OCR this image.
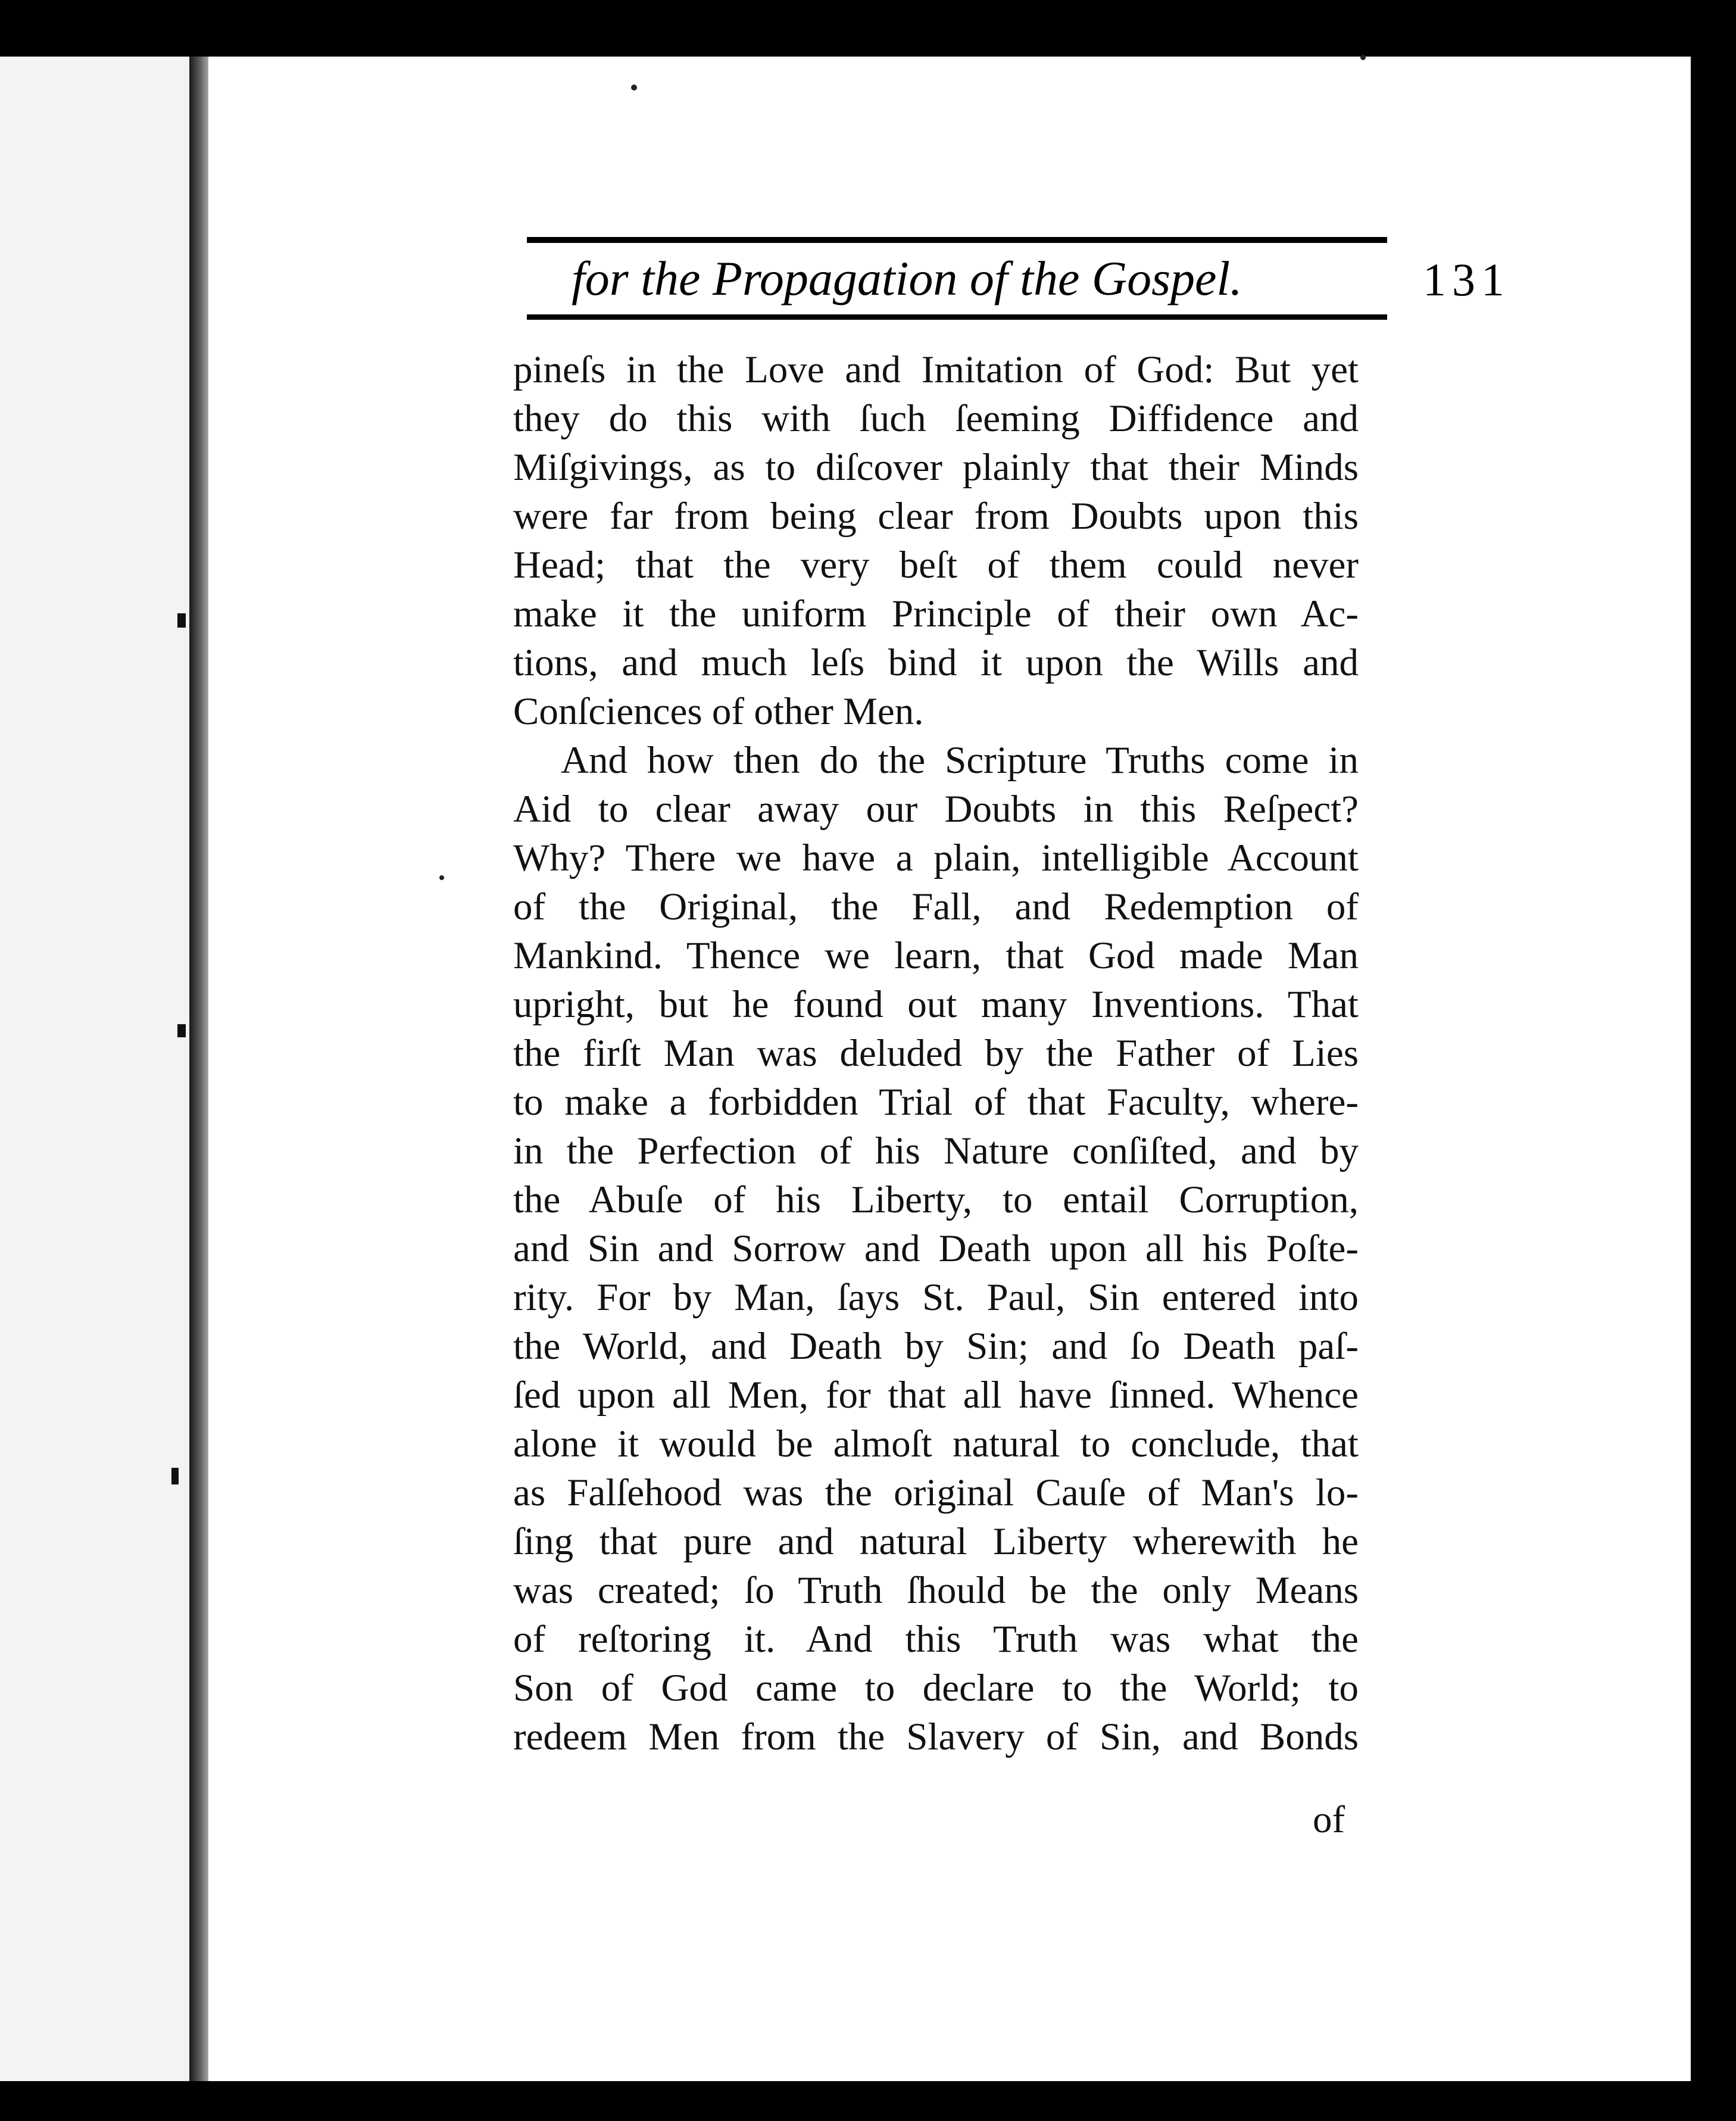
for the Propagation of the Gospel.	131
pineſs in the Love and Imitation of God: But yet
they do this with ſuch ſeeming Diffidence and
Miſgivings, as to diſcover plainly that their Minds
were far from being clear from Doubts upon this
Head; that the very beſt of them could never
make it the uniform Principle of their own Ac-
tions, and much leſs bind it upon the Wills and
Conſciences of other Men.
And how then do the Scripture Truths come in
Aid to clear away our Doubts in this Reſpect?
Why? There we have a plain, intelligible Account
of the Original, the Fall, and Redemption of
Mankind. Thence we learn, that God made Man
upright, but he found out many Inventions. That
the firſt Man was deluded by the Father of Lies
to make a forbidden Trial of that Faculty, where-
in the Perfection of his Nature conſiſted, and by
the Abuſe of his Liberty, to entail Corruption,
and Sin and Sorrow and Death upon all his Poſte-
rity. For by Man, ſays St. Paul, Sin entered into
the World, and Death by Sin; and ſo Death paſ-
ſed upon all Men, for that all have ſinned. Whence
alone it would be almoſt natural to conclude, that
as Falſehood was the original Cauſe of Man's lo-
ſing that pure and natural Liberty wherewith he
was created; ſo Truth ſhould be the only Means
of reſtoring it. And this Truth was what the
Son of God came to declare to the World; to
redeem Men from the Slavery of Sin, and Bonds
of
